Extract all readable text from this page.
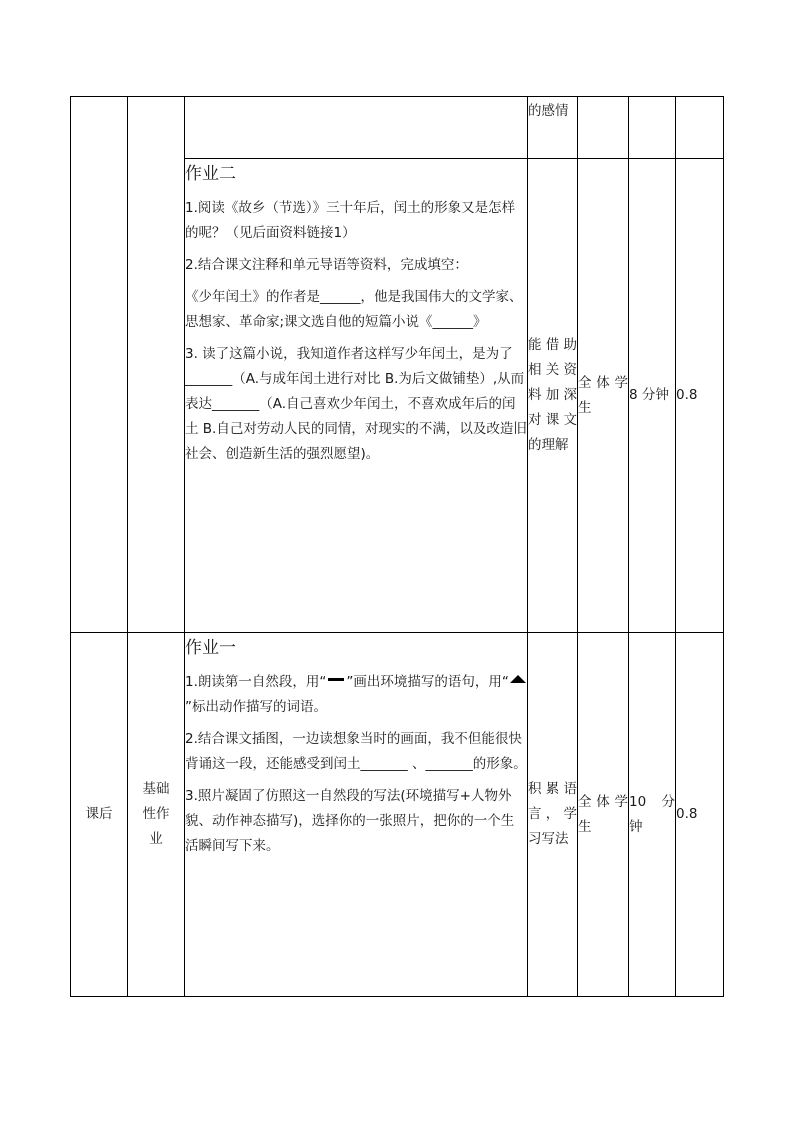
			的感情			

		作业二
1.阅读《故乡（节选）》三十年后，闰土的形象又是怎样的呢？（见后面资料链接1）
2.结合课文注释和单元导语等资料，完成填空：
《少年闰土》的作者是______，他是我国伟大的文学家、思想家、革命家;课文选自他的短篇小说《______》
3. 读了这篇小说，我知道作者这样写少年闰土，是为了_______（A.与成年闰土进行对比 B.为后文做铺垫）,从而表达_______（A.自己喜欢少年闰土，不喜欢成年后的闰土 B.自己对劳动人民的同情，对现实的不满，以及改造旧社会、创造新生活的强烈愿望)。	能借助相关资料加深对课文的理解	全体学生	8 分钟	0.8
课后	基础性作业	作业一
1.朗读第一自然段，用“ ”画出环境描写的语句，用“”标出动作描写的词语。
2.结合课文插图，一边读想象当时的画面，我不但能很快背诵这一段，还能感受到闰土_______ 、_______的形象。
3.照片凝固了仿照这一自然段的写法(环境描写+人物外貌、动作神态描写)，选择你的一张照片，把你的一个生活瞬间写下来。	积累语言，学习写法	全体学生	10 分钟	0.8
